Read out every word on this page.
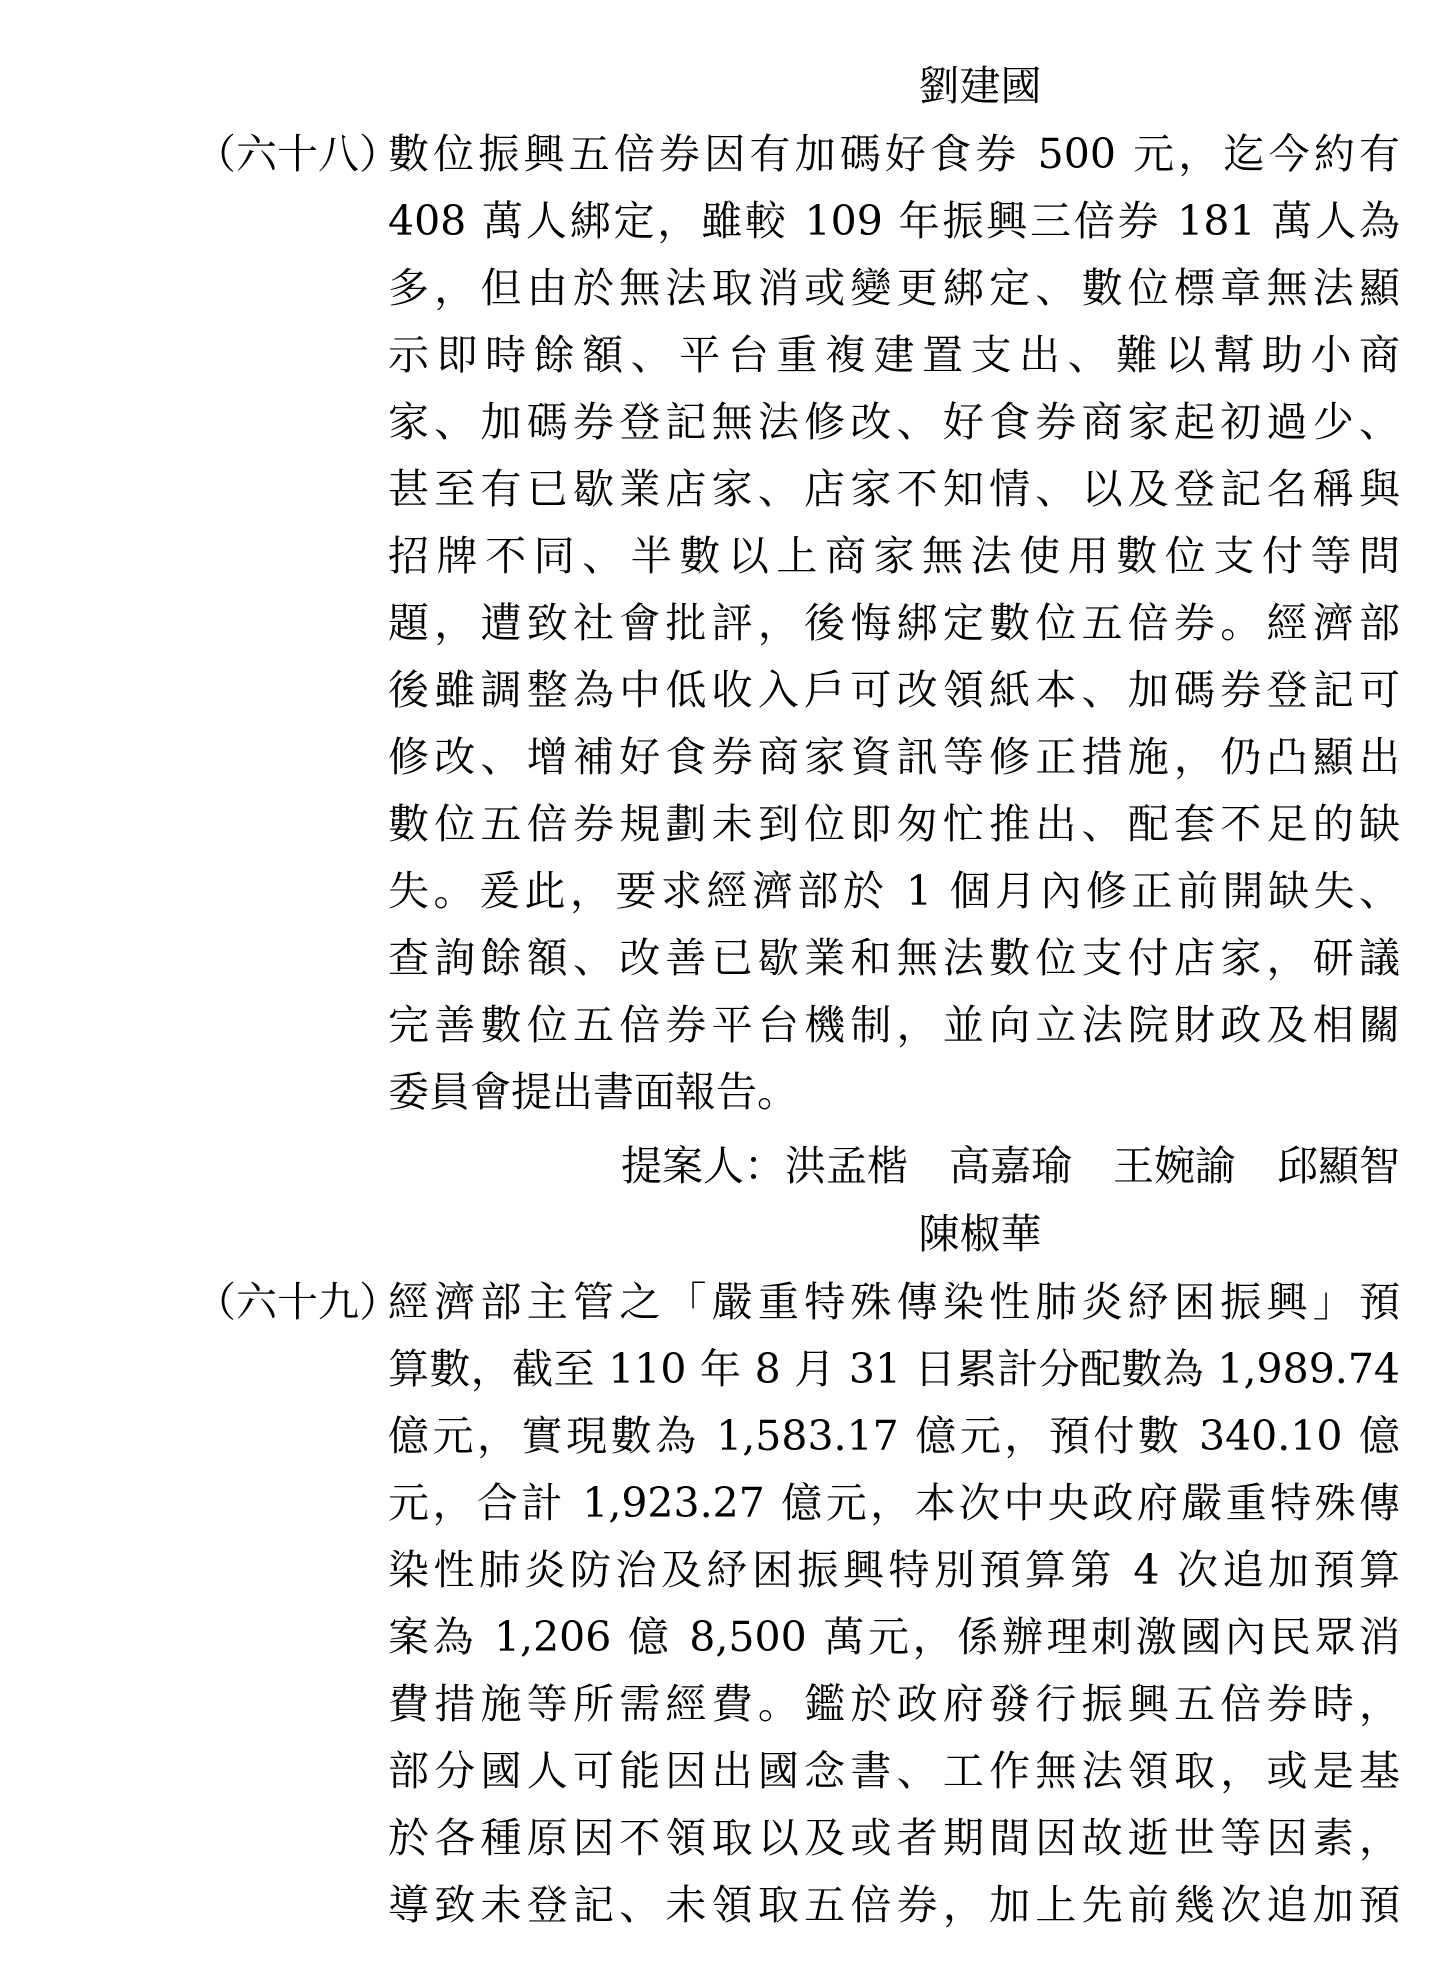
劉建國
（六十八）
數位振興五倍券因有加碼好食券 500 元，迄今約有
408 萬人綁定，雖較 109 年振興三倍券 181 萬人為
多，但由於無法取消或變更綁定、數位標章無法顯
示即時餘額、平台重複建置支出、難以幫助小商
家、加碼券登記無法修改、好食券商家起初過少、
甚至有已歇業店家、店家不知情、以及登記名稱與
招牌不同、半數以上商家無法使用數位支付等問
題，遭致社會批評，後悔綁定數位五倍券。經濟部
後雖調整為中低收入戶可改領紙本、加碼券登記可
修改、增補好食券商家資訊等修正措施，仍凸顯出
數位五倍券規劃未到位即匆忙推出、配套不足的缺
失。爰此，要求經濟部於 1 個月內修正前開缺失、
查詢餘額、改善已歇業和無法數位支付店家，研議
完善數位五倍券平台機制，並向立法院財政及相關
委員會提出書面報告。
提案人：洪孟楷　高嘉瑜　王婉諭　邱顯智
陳椒華
（六十九）
經濟部主管之「嚴重特殊傳染性肺炎紓困振興」預
算數，截至 110 年 8 月 31 日累計分配數為 1,989.74
億元，實現數為 1,583.17 億元，預付數 340.10 億
元，合計 1,923.27 億元，本次中央政府嚴重特殊傳
染性肺炎防治及紓困振興特別預算第 4 次追加預算
案為 1,206 億 8,500 萬元，係辦理刺激國內民眾消
費措施等所需經費。鑑於政府發行振興五倍券時，
部分國人可能因出國念書、工作無法領取，或是基
於各種原因不領取以及或者期間因故逝世等因素，
導致未登記、未領取五倍券，加上先前幾次追加預
